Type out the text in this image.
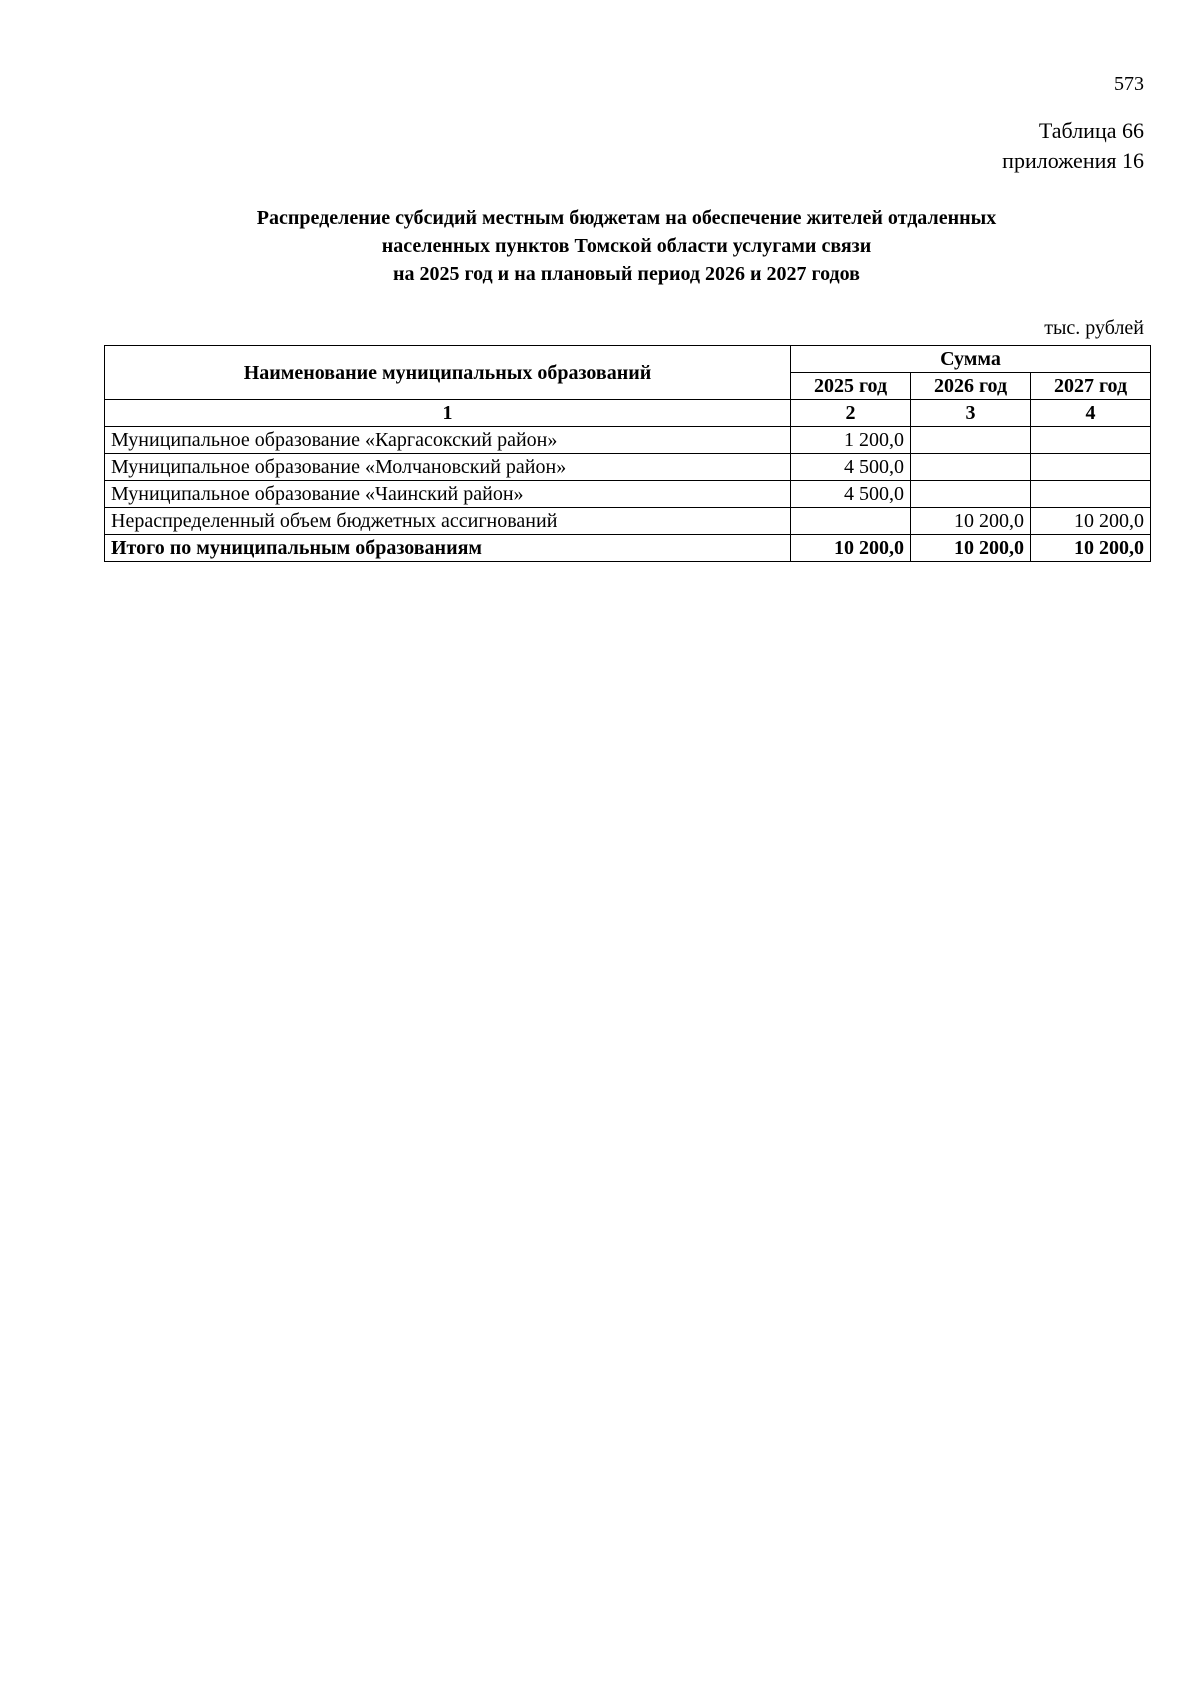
573
Таблица 66
приложения 16
Распределение субсидий местным бюджетам на обеспечение жителей отдаленных
населенных пунктов Томской области услугами связи
на 2025 год и на плановый период 2026 и 2027 годов
тыс. рублей
Наименование муниципальных образований	Сумма		
	2025 год	2026 год	2027 год
1	2	3	4
Муниципальное образование «Каргасокский район»	1 200,0		
Муниципальное образование «Молчановский район»	4 500,0		
Муниципальное образование «Чаинский район»	4 500,0		
Нераспределенный объем бюджетных ассигнований		10 200,0	10 200,0
Итого по муниципальным образованиям	10 200,0	10 200,0	10 200,0
